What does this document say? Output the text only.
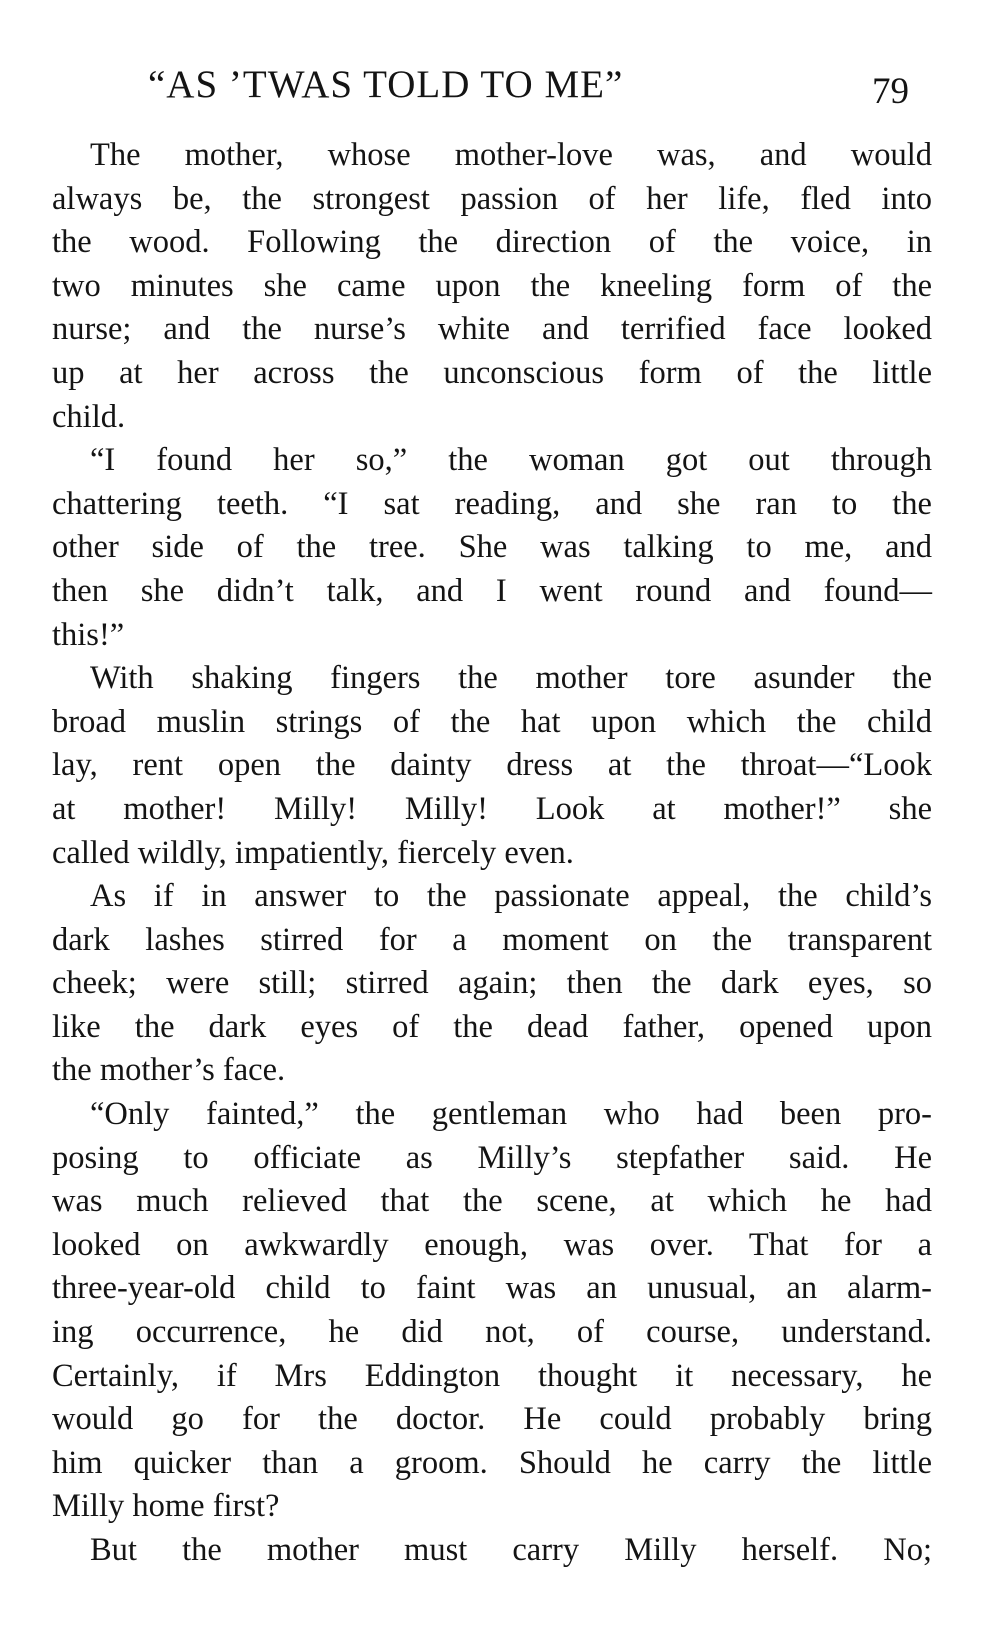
“AS ’TWAS TOLD TO ME”	79
The mother, whose mother-love was, and would
always be, the strongest passion of her life, fled into
the wood. Following the direction of the voice, in
two minutes she came upon the kneeling form of the
nurse; and the nurse’s white and terrified face looked
up at her across the unconscious form of the little
child.
“I found her so,” the woman got out through
chattering teeth. “I sat reading, and she ran to the
other side of the tree. She was talking to me, and
then she didn’t talk, and I went round and found—
this!”
With shaking fingers the mother tore asunder the
broad muslin strings of the hat upon which the child
lay, rent open the dainty dress at the throat—“Look
at mother! Milly! Milly! Look at mother!” she
called wildly, impatiently, fiercely even.
As if in answer to the passionate appeal, the child’s
dark lashes stirred for a moment on the transparent
cheek; were still; stirred again; then the dark eyes, so
like the dark eyes of the dead father, opened upon
the mother’s face.
“Only fainted,” the gentleman who had been pro-
posing to officiate as Milly’s stepfather said. He
was much relieved that the scene, at which he had
looked on awkwardly enough, was over. That for a
three-year-old child to faint was an unusual, an alarm-
ing occurrence, he did not, of course, understand.
Certainly, if Mrs Eddington thought it necessary, he
would go for the doctor. He could probably bring
him quicker than a groom. Should he carry the little
Milly home first?
But the mother must carry Milly herself. No;
